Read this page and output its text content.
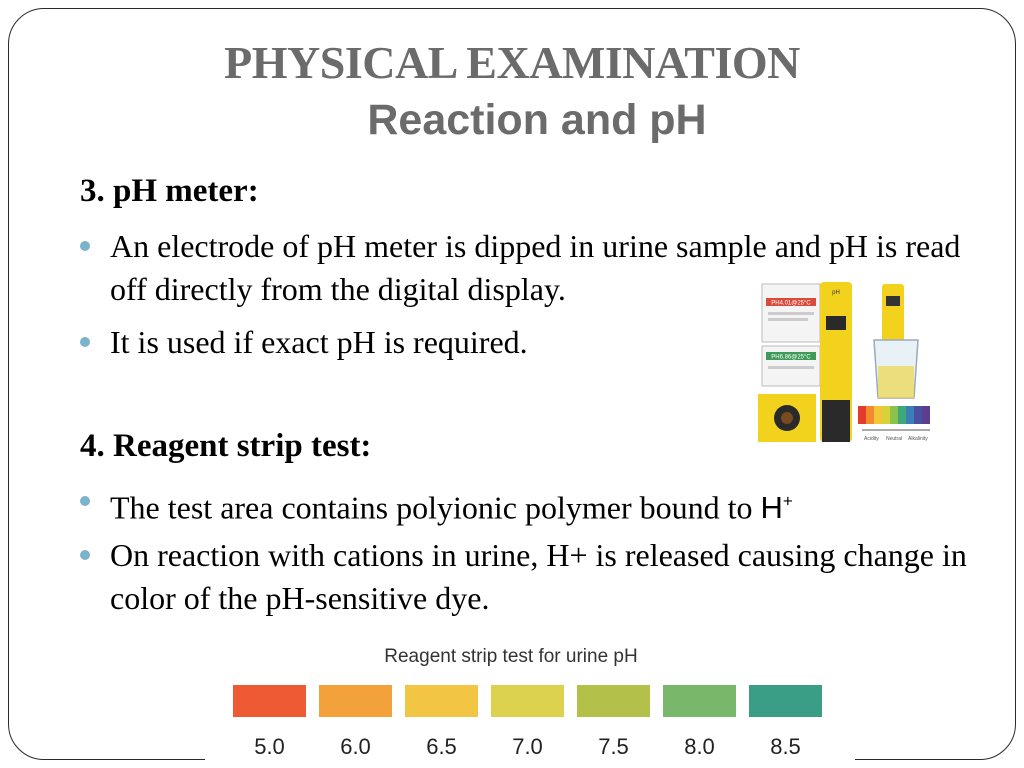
PHYSICAL EXAMINATION
Reaction and pH

3. pH meter:

An electrode of pH meter is dipped in urine sample and pH is read off directly from the digital display.
It is used if exact pH is required.
PH4.01@25°C
PH6.86@25°C
pH
Acidity Neutral Alkalinity

4. Reagent strip test:

The test area contains polyionic polymer bound to H+
On reaction with cations in urine, H+ is released causing change in color of the pH-sensitive dye.

Reagent strip test for urine pH

5.0	6.0	6.5	7.0	7.5	8.0	8.5
